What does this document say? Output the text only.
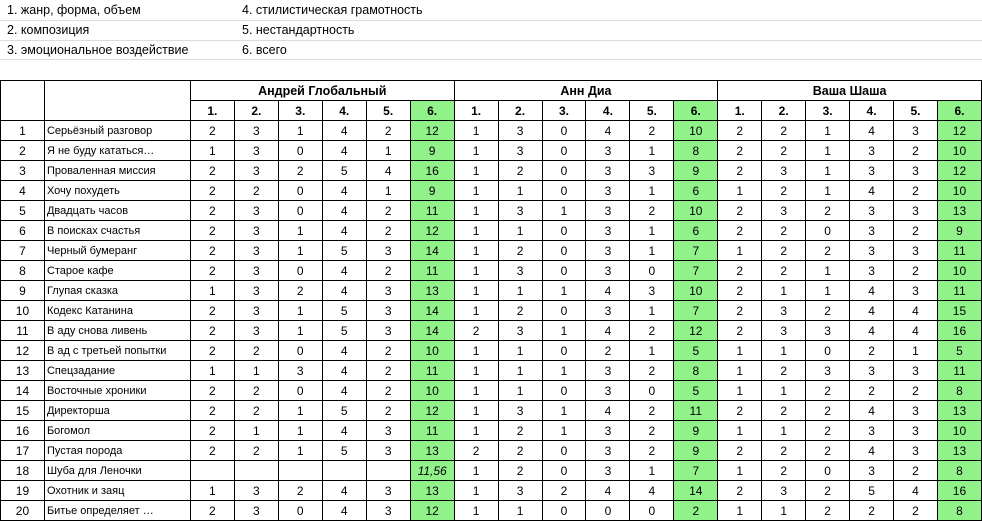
1. жанр, форма, объем
2. композиция
3. эмоциональное воздействие
4. стилистическая грамотность
5. нестандартность
6. всего
		Андрей Глобальный						Анн Диа						Ваша Шаша					
		1.	2.	3.	4.	5.	6.	1.	2.	3.	4.	5.	6.	1.	2.	3.	4.	5.	6.
1	Серьёзный разговор	2	3	1	4	2	12	1	3	0	4	2	10	2	2	1	4	3	12
2	Я не буду кататься…	1	3	0	4	1	9	1	3	0	3	1	8	2	2	1	3	2	10
3	Проваленная миссия	2	3	2	5	4	16	1	2	0	3	3	9	2	3	1	3	3	12
4	Хочу похудеть	2	2	0	4	1	9	1	1	0	3	1	6	1	2	1	4	2	10
5	Двадцать часов	2	3	0	4	2	11	1	3	1	3	2	10	2	3	2	3	3	13
6	В поисках счастья	2	3	1	4	2	12	1	1	0	3	1	6	2	2	0	3	2	9
7	Черный бумеранг	2	3	1	5	3	14	1	2	0	3	1	7	1	2	2	3	3	11
8	Старое кафе	2	3	0	4	2	11	1	3	0	3	0	7	2	2	1	3	2	10
9	Глупая сказка	1	3	2	4	3	13	1	1	1	4	3	10	2	1	1	4	3	11
10	Кодекс Катанина	2	3	1	5	3	14	1	2	0	3	1	7	2	3	2	4	4	15
11	В аду снова ливень	2	3	1	5	3	14	2	3	1	4	2	12	2	3	3	4	4	16
12	В ад с третьей попытки	2	2	0	4	2	10	1	1	0	2	1	5	1	1	0	2	1	5
13	Спецзадание	1	1	3	4	2	11	1	1	1	3	2	8	1	2	3	3	3	11
14	Восточные хроники	2	2	0	4	2	10	1	1	0	3	0	5	1	1	2	2	2	8
15	Директорша	2	2	1	5	2	12	1	3	1	4	2	11	2	2	2	4	3	13
16	Богомол	2	1	1	4	3	11	1	2	1	3	2	9	1	1	2	3	3	10
17	Пустая порода	2	2	1	5	3	13	2	2	0	3	2	9	2	2	2	4	3	13
18	Шуба для Леночки						11,56	1	2	0	3	1	7	1	2	0	3	2	8
19	Охотник и заяц	1	3	2	4	3	13	1	3	2	4	4	14	2	3	2	5	4	16
20	Битье определяет …	2	3	0	4	3	12	1	1	0	0	0	2	1	1	2	2	2	8
